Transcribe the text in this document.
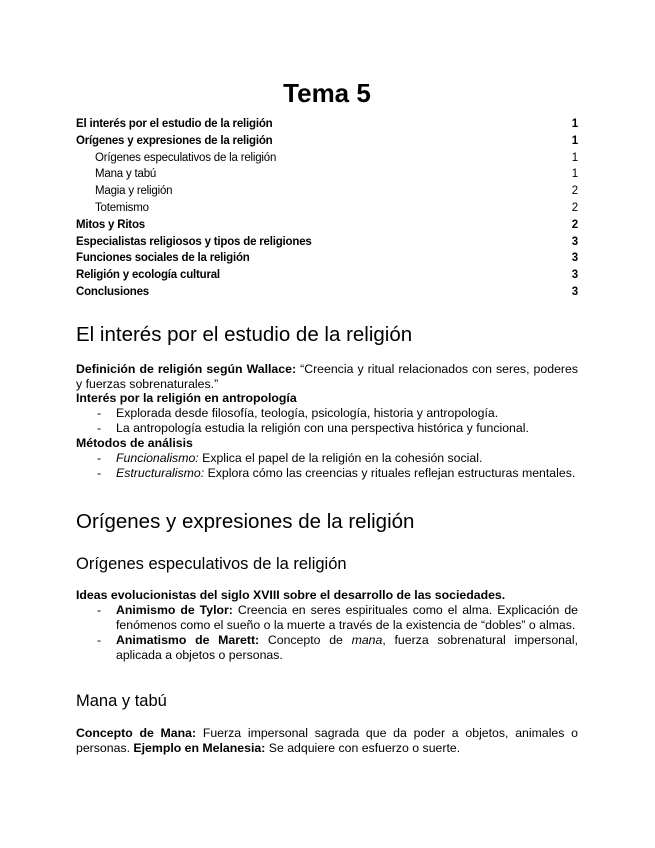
Tema 5
El interés por el estudio de la religión	1
Orígenes y expresiones de la religión	1
Orígenes especulativos de la religión	1
Mana y tabú	1
Magia y religión	2
Totemismo	2
Mitos y Ritos	2
Especialistas religiosos y tipos de religiones	3
Funciones sociales de la religión	3
Religión y ecología cultural	3
Conclusiones	3
El interés por el estudio de la religión
Definición de religión según Wallace: “Creencia y ritual relacionados con seres, poderes y fuerzas sobrenaturales.”
Interés por la religión en antropología
- Explorada desde filosofía, teología, psicología, historia y antropología.
- La antropología estudia la religión con una perspectiva histórica y funcional.
Métodos de análisis
- Funcionalismo: Explica el papel de la religión en la cohesión social.
- Estructuralismo: Explora cómo las creencias y rituales reflejan estructuras mentales.
Orígenes y expresiones de la religión
Orígenes especulativos de la religión
Ideas evolucionistas del siglo XVIII sobre el desarrollo de las sociedades.
- Animismo de Tylor: Creencia en seres espirituales como el alma. Explicación de fenómenos como el sueño o la muerte a través de la existencia de “dobles” o almas.
- Animatismo de Marett: Concepto de mana, fuerza sobrenatural impersonal, aplicada a objetos o personas.
Mana y tabú
Concepto de Mana: Fuerza impersonal sagrada que da poder a objetos, animales o personas. Ejemplo en Melanesia: Se adquiere con esfuerzo o suerte.
